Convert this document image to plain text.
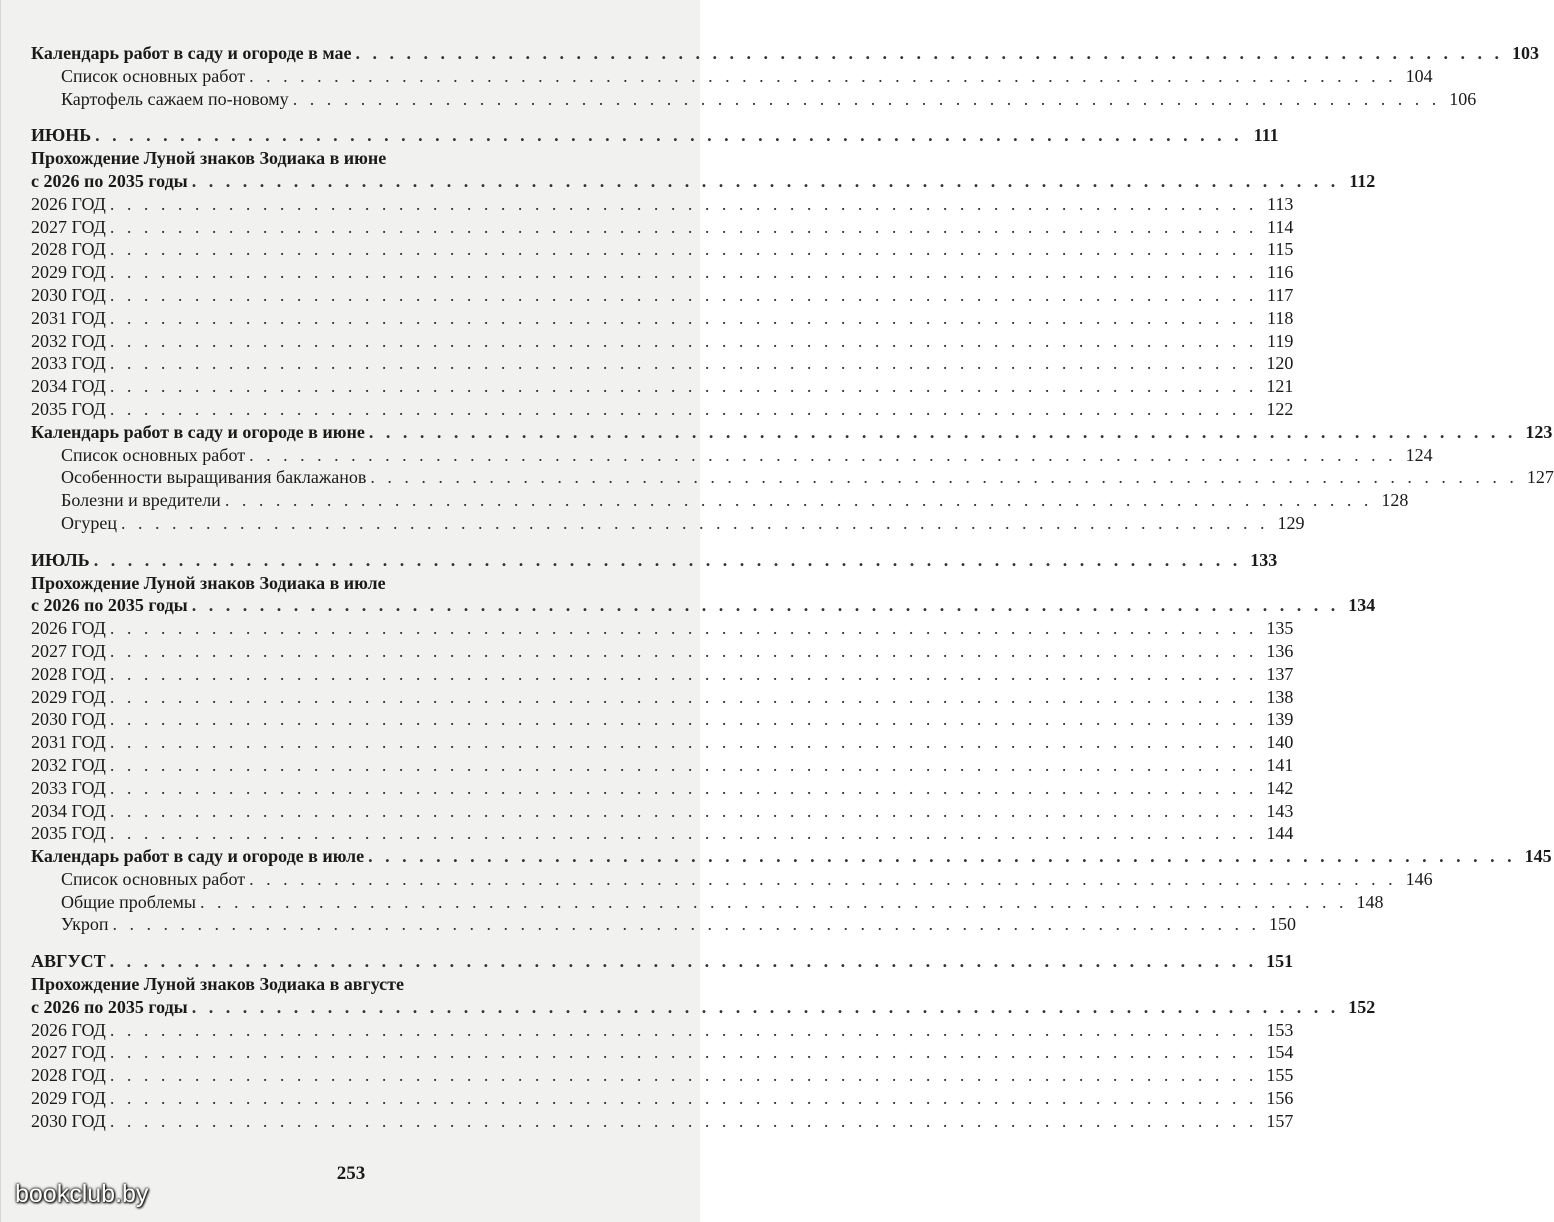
Календарь работ в саду и огороде в мае . . . . . . . . . . . . . . . . . . . . . . . . . . . . . . . . . . . . . . . . . . . . . . . . . . . . . . . . . . . . . . . . . . . . 103
Список основных работ . . . . . . . . . . . . . . . . . . . . . . . . . . . . . . . . . . . . . . . . . . . . . . . . . . . . . . . . . . . . . . . . . . . . 104
Картофель сажаем по-новому . . . . . . . . . . . . . . . . . . . . . . . . . . . . . . . . . . . . . . . . . . . . . . . . . . . . . . . . . . . . . . . . . . . . 106
ИЮНЬ . . . . . . . . . . . . . . . . . . . . . . . . . . . . . . . . . . . . . . . . . . . . . . . . . . . . . . . . . . . . . . . . . . . . 111
Прохождение Луной знаков Зодиака в июне
с 2026 по 2035 годы . . . . . . . . . . . . . . . . . . . . . . . . . . . . . . . . . . . . . . . . . . . . . . . . . . . . . . . . . . . . . . . . . . . . 112
2026 ГОД . . . . . . . . . . . . . . . . . . . . . . . . . . . . . . . . . . . . . . . . . . . . . . . . . . . . . . . . . . . . . . . . . . . . 113
2027 ГОД . . . . . . . . . . . . . . . . . . . . . . . . . . . . . . . . . . . . . . . . . . . . . . . . . . . . . . . . . . . . . . . . . . . . 114
2028 ГОД . . . . . . . . . . . . . . . . . . . . . . . . . . . . . . . . . . . . . . . . . . . . . . . . . . . . . . . . . . . . . . . . . . . . 115
2029 ГОД . . . . . . . . . . . . . . . . . . . . . . . . . . . . . . . . . . . . . . . . . . . . . . . . . . . . . . . . . . . . . . . . . . . . 116
2030 ГОД . . . . . . . . . . . . . . . . . . . . . . . . . . . . . . . . . . . . . . . . . . . . . . . . . . . . . . . . . . . . . . . . . . . . 117
2031 ГОД . . . . . . . . . . . . . . . . . . . . . . . . . . . . . . . . . . . . . . . . . . . . . . . . . . . . . . . . . . . . . . . . . . . . 118
2032 ГОД . . . . . . . . . . . . . . . . . . . . . . . . . . . . . . . . . . . . . . . . . . . . . . . . . . . . . . . . . . . . . . . . . . . . 119
2033 ГОД . . . . . . . . . . . . . . . . . . . . . . . . . . . . . . . . . . . . . . . . . . . . . . . . . . . . . . . . . . . . . . . . . . . . 120
2034 ГОД . . . . . . . . . . . . . . . . . . . . . . . . . . . . . . . . . . . . . . . . . . . . . . . . . . . . . . . . . . . . . . . . . . . . 121
2035 ГОД . . . . . . . . . . . . . . . . . . . . . . . . . . . . . . . . . . . . . . . . . . . . . . . . . . . . . . . . . . . . . . . . . . . . 122
Календарь работ в саду и огороде в июне . . . . . . . . . . . . . . . . . . . . . . . . . . . . . . . . . . . . . . . . . . . . . . . . . . . . . . . . . . . . . . . . . . . . 123
Список основных работ . . . . . . . . . . . . . . . . . . . . . . . . . . . . . . . . . . . . . . . . . . . . . . . . . . . . . . . . . . . . . . . . . . . . 124
Особенности выращивания баклажанов . . . . . . . . . . . . . . . . . . . . . . . . . . . . . . . . . . . . . . . . . . . . . . . . . . . . . . . . . . . . . . . . . . . . 127
Болезни и вредители . . . . . . . . . . . . . . . . . . . . . . . . . . . . . . . . . . . . . . . . . . . . . . . . . . . . . . . . . . . . . . . . . . . . 128
Огурец . . . . . . . . . . . . . . . . . . . . . . . . . . . . . . . . . . . . . . . . . . . . . . . . . . . . . . . . . . . . . . . . . . . . 129
ИЮЛЬ . . . . . . . . . . . . . . . . . . . . . . . . . . . . . . . . . . . . . . . . . . . . . . . . . . . . . . . . . . . . . . . . . . . . 133
Прохождение Луной знаков Зодиака в июле
с 2026 по 2035 годы . . . . . . . . . . . . . . . . . . . . . . . . . . . . . . . . . . . . . . . . . . . . . . . . . . . . . . . . . . . . . . . . . . . . 134
2026 ГОД . . . . . . . . . . . . . . . . . . . . . . . . . . . . . . . . . . . . . . . . . . . . . . . . . . . . . . . . . . . . . . . . . . . . 135
2027 ГОД . . . . . . . . . . . . . . . . . . . . . . . . . . . . . . . . . . . . . . . . . . . . . . . . . . . . . . . . . . . . . . . . . . . . 136
2028 ГОД . . . . . . . . . . . . . . . . . . . . . . . . . . . . . . . . . . . . . . . . . . . . . . . . . . . . . . . . . . . . . . . . . . . . 137
2029 ГОД . . . . . . . . . . . . . . . . . . . . . . . . . . . . . . . . . . . . . . . . . . . . . . . . . . . . . . . . . . . . . . . . . . . . 138
2030 ГОД . . . . . . . . . . . . . . . . . . . . . . . . . . . . . . . . . . . . . . . . . . . . . . . . . . . . . . . . . . . . . . . . . . . . 139
2031 ГОД . . . . . . . . . . . . . . . . . . . . . . . . . . . . . . . . . . . . . . . . . . . . . . . . . . . . . . . . . . . . . . . . . . . . 140
2032 ГОД . . . . . . . . . . . . . . . . . . . . . . . . . . . . . . . . . . . . . . . . . . . . . . . . . . . . . . . . . . . . . . . . . . . . 141
2033 ГОД . . . . . . . . . . . . . . . . . . . . . . . . . . . . . . . . . . . . . . . . . . . . . . . . . . . . . . . . . . . . . . . . . . . . 142
2034 ГОД . . . . . . . . . . . . . . . . . . . . . . . . . . . . . . . . . . . . . . . . . . . . . . . . . . . . . . . . . . . . . . . . . . . . 143
2035 ГОД . . . . . . . . . . . . . . . . . . . . . . . . . . . . . . . . . . . . . . . . . . . . . . . . . . . . . . . . . . . . . . . . . . . . 144
Календарь работ в саду и огороде в июле . . . . . . . . . . . . . . . . . . . . . . . . . . . . . . . . . . . . . . . . . . . . . . . . . . . . . . . . . . . . . . . . . . . . 145
Список основных работ . . . . . . . . . . . . . . . . . . . . . . . . . . . . . . . . . . . . . . . . . . . . . . . . . . . . . . . . . . . . . . . . . . . . 146
Общие проблемы . . . . . . . . . . . . . . . . . . . . . . . . . . . . . . . . . . . . . . . . . . . . . . . . . . . . . . . . . . . . . . . . . . . . 148
Укроп . . . . . . . . . . . . . . . . . . . . . . . . . . . . . . . . . . . . . . . . . . . . . . . . . . . . . . . . . . . . . . . . . . . . 150
АВГУСТ . . . . . . . . . . . . . . . . . . . . . . . . . . . . . . . . . . . . . . . . . . . . . . . . . . . . . . . . . . . . . . . . . . . . 151
Прохождение Луной знаков Зодиака в августе
с 2026 по 2035 годы . . . . . . . . . . . . . . . . . . . . . . . . . . . . . . . . . . . . . . . . . . . . . . . . . . . . . . . . . . . . . . . . . . . . 152
2026 ГОД . . . . . . . . . . . . . . . . . . . . . . . . . . . . . . . . . . . . . . . . . . . . . . . . . . . . . . . . . . . . . . . . . . . . 153
2027 ГОД . . . . . . . . . . . . . . . . . . . . . . . . . . . . . . . . . . . . . . . . . . . . . . . . . . . . . . . . . . . . . . . . . . . . 154
2028 ГОД . . . . . . . . . . . . . . . . . . . . . . . . . . . . . . . . . . . . . . . . . . . . . . . . . . . . . . . . . . . . . . . . . . . . 155
2029 ГОД . . . . . . . . . . . . . . . . . . . . . . . . . . . . . . . . . . . . . . . . . . . . . . . . . . . . . . . . . . . . . . . . . . . . 156
2030 ГОД . . . . . . . . . . . . . . . . . . . . . . . . . . . . . . . . . . . . . . . . . . . . . . . . . . . . . . . . . . . . . . . . . . . . 157
253
bookclub.by
